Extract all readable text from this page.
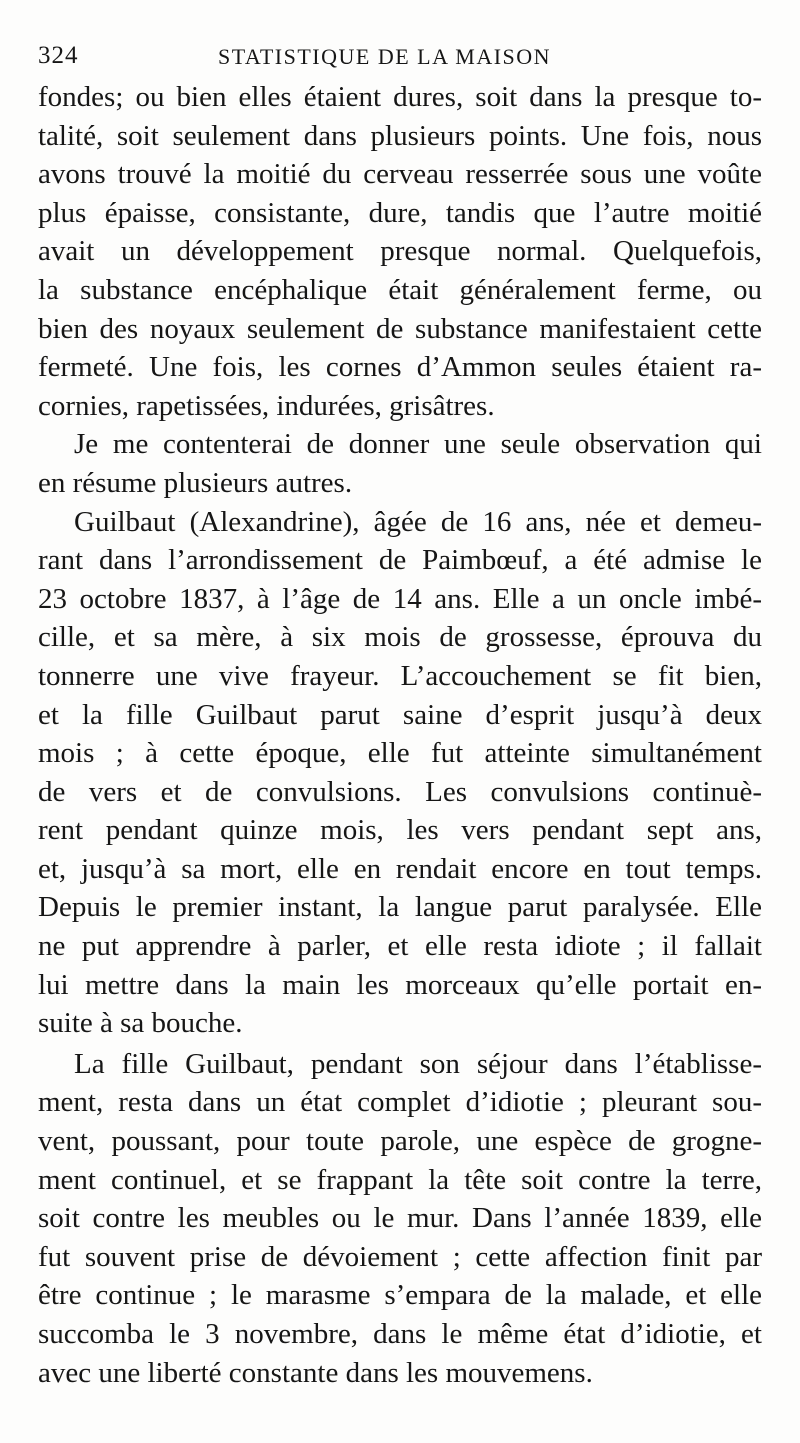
324	STATISTIQUE DE LA MAISON
fondes; ou bien elles étaient dures, soit dans la presque to-
talité, soit seulement dans plusieurs points. Une fois, nous
avons trouvé la moitié du cerveau resserrée sous une voûte
plus épaisse, consistante, dure, tandis que l’autre moitié
avait un développement presque normal. Quelquefois,
la substance encéphalique était généralement ferme, ou
bien des noyaux seulement de substance manifestaient cette
fermeté. Une fois, les cornes d’Ammon seules étaient ra-
cornies, rapetissées, indurées, grisâtres.
Je me contenterai de donner une seule observation qui
en résume plusieurs autres.
Guilbaut (Alexandrine), âgée de 16 ans, née et demeu-
rant dans l’arrondissement de Paimbœuf, a été admise le
23 octobre 1837, à l’âge de 14 ans. Elle a un oncle imbé-
cille, et sa mère, à six mois de grossesse, éprouva du
tonnerre une vive frayeur. L’accouchement se fit bien,
et la fille Guilbaut parut saine d’esprit jusqu’à deux
mois ; à cette époque, elle fut atteinte simultanément
de vers et de convulsions. Les convulsions continuè-
rent pendant quinze mois, les vers pendant sept ans,
et, jusqu’à sa mort, elle en rendait encore en tout temps.
Depuis le premier instant, la langue parut paralysée. Elle
ne put apprendre à parler, et elle resta idiote ; il fallait
lui mettre dans la main les morceaux qu’elle portait en-
suite à sa bouche.
La fille Guilbaut, pendant son séjour dans l’établisse-
ment, resta dans un état complet d’idiotie ; pleurant sou-
vent, poussant, pour toute parole, une espèce de grogne-
ment continuel, et se frappant la tête soit contre la terre,
soit contre les meubles ou le mur. Dans l’année 1839, elle
fut souvent prise de dévoiement ; cette affection finit par
être continue ; le marasme s’empara de la malade, et elle
succomba le 3 novembre, dans le même état d’idiotie, et
avec une liberté constante dans les mouvemens.
